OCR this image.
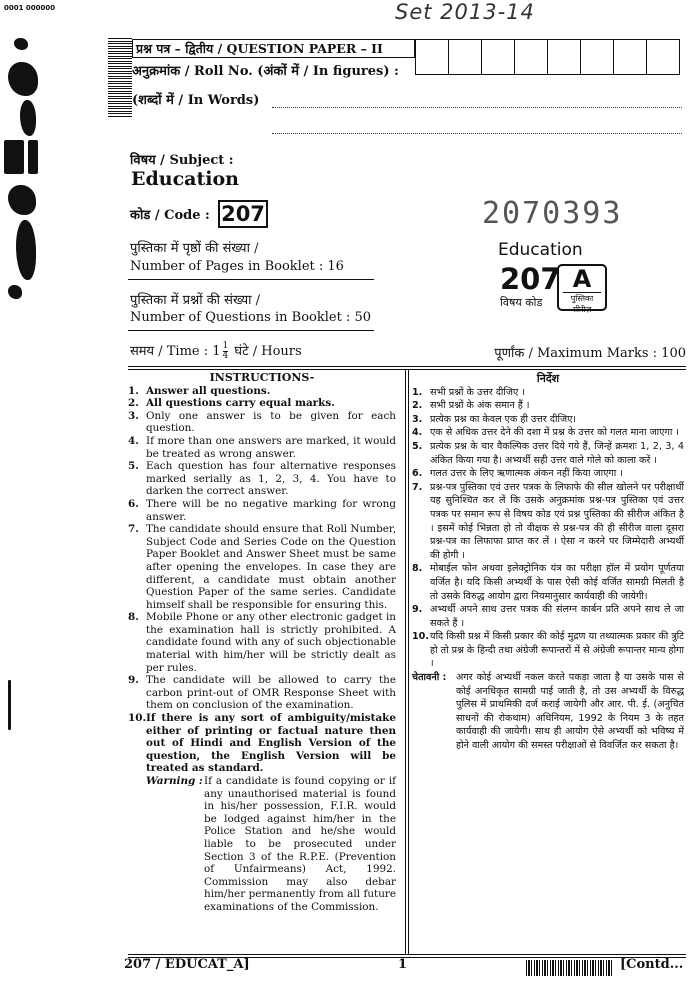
0001 000000	Set 2013-14
प्रश्न पत्र – द्वितीय / QUESTION PAPER – II
अनुक्रमांक / Roll No. (अंकों में / In figures) :
(शब्दों में / In Words)
विषय / Subject :
Education
कोड / Code : 207	2070393
Education
207 A
पुस्तिका सीरीज़
विषय कोड
पुस्तिका में पृष्ठों की संख्या /
Number of Pages in Booklet : 16
पुस्तिका में प्रश्नों की संख्या /
Number of Questions in Booklet : 50
समय / Time : $1 \frac{1}{4}$ घंटे / Hours	पूर्णांक / Maximum Marks : 100
INSTRUCTIONS-
1. Answer all questions.
2. All questions carry equal marks.
3. Only one answer is to be given for each question.
4. If more than one answers are marked, it would be treated as wrong answer.
5. Each question has four alternative responses marked serially as 1, 2, 3, 4. You have to darken the correct answer.
6. There will be no negative marking for wrong answer.
7. The candidate should ensure that Roll Number, Subject Code and Series Code on the Question Paper Booklet and Answer Sheet must be same after opening the envelopes. In case they are different, a candidate must obtain another Question Paper of the same series. Candidate himself shall be responsible for ensuring this.
8. Mobile Phone or any other electronic gadget in the examination hall is strictly prohibited. A candidate found with any of such objectionable material with him/her will be strictly dealt as per rules.
9. The candidate will be allowed to carry the carbon print-out of OMR Response Sheet with them on conclusion of the examination.
10. If there is any sort of ambiguity/mistake either of printing or factual nature then out of Hindi and English Version of the question, the English Version will be treated as standard.
Warning : If a candidate is found copying or if any unauthorised material is found in his/her possession, F.I.R. would be lodged against him/her in the Police Station and he/she would liable to be prosecuted under Section 3 of the R.P.E. (Prevention of Unfairmeans) Act, 1992. Commission may also debar him/her permanently from all future examinations of the Commission.
निर्देश
1. सभी प्रश्नों के उत्तर दीजिए ।
2. सभी प्रश्नों के अंक समान हैं ।
3. प्रत्येक प्रश्न का केवल एक ही उत्तर दीजिए।
4. एक से अधिक उत्तर देने की दशा में प्रश्न के उत्तर को गलत माना जाएगा ।
5. प्रत्येक प्रश्न के चार वैकल्पिक उत्तर दिये गये हैं, जिन्हें क्रमशः 1, 2, 3, 4 अंकित किया गया है। अभ्यर्थी सही उत्तर वाले गोले को काला करें ।
6. गलत उत्तर के लिए ऋणात्मक अंकन नहीं किया जाएगा ।
7. प्रश्न-पत्र पुस्तिका एवं उत्तर पत्रक के लिफाफे की सील खोलने पर परीक्षार्थी यह सुनिश्चित कर लें कि उसके अनुक्रमांक प्रश्न-पत्र पुस्तिका एवं उत्तर पत्रक पर समान रूप से विषय कोड एवं प्रश्न पुस्तिका की सीरीज अंकित है । इसमें कोई भिन्नता हो तो वीक्षक से प्रश्न-पत्र की ही सीरीज वाला दूसरा प्रश्न-पत्र का लिफाफा प्राप्त कर लें । ऐसा न करने पर जिम्मेदारी अभ्यर्थी की होगी ।
8. मोबाईल फोन अथवा इलेक्ट्रोनिक यंत्र का परीक्षा हॉल में प्रयोग पूर्णतया वर्जित है। यदि किसी अभ्यर्थी के पास ऐसी कोई वर्जित सामग्री मिलती है तो उसके विरुद्ध आयोग द्वारा नियमानुसार कार्यवाही की जायेगी।
9. अभ्यर्थी अपने साथ उत्तर पत्रक की संलग्न कार्बन प्रति अपने साथ ले जा सकते हैं ।
10. यदि किसी प्रश्न में किसी प्रकार की कोई मुद्रण या तथ्यात्मक प्रकार की त्रुटि हो तो प्रश्न के हिन्दी तथा अंग्रेजी रूपान्तरों में से अंग्रेजी रूपान्तर मान्य होगा ।
चेतावनी :	अगर कोई अभ्यर्थी नकल करते पकड़ा जाता है या उसके पास से कोई अनधिकृत सामग्री पाई जाती है, तो उस अभ्यर्थी के विरुद्ध पुलिस में प्राथमिकी दर्ज कराई जायेगी और आर. पी. ई. (अनुचित साधनों की रोकथाम) अधिनियम, 1992 के नियम 3 के तहत कार्यवाही की जायेगी। साथ ही आयोग ऐसे अभ्यर्थी को भविष्य में होने वाली आयोग की समस्त परीक्षाओं से विवर्जित कर सकता है।
207 / EDUCAT_A]	1	[Contd...
